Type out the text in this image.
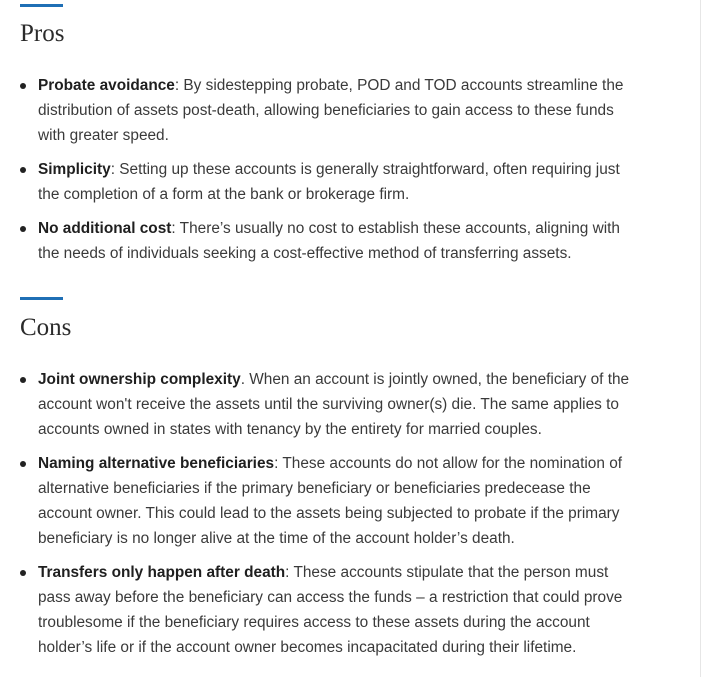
Pros
Probate avoidance: By sidestepping probate, POD and TOD accounts streamline the distribution of assets post-death, allowing beneficiaries to gain access to these funds with greater speed.
Simplicity: Setting up these accounts is generally straightforward, often requiring just the completion of a form at the bank or brokerage firm.
No additional cost: There’s usually no cost to establish these accounts, aligning with the needs of individuals seeking a cost-effective method of transferring assets.
Cons
Joint ownership complexity. When an account is jointly owned, the beneficiary of the account won't receive the assets until the surviving owner(s) die. The same applies to accounts owned in states with tenancy by the entirety for married couples.
Naming alternative beneficiaries: These accounts do not allow for the nomination of alternative beneficiaries if the primary beneficiary or beneficiaries predecease the account owner. This could lead to the assets being subjected to probate if the primary beneficiary is no longer alive at the time of the account holder’s death.
Transfers only happen after death: These accounts stipulate that the person must pass away before the beneficiary can access the funds – a restriction that could prove troublesome if the beneficiary requires access to these assets during the account holder’s life or if the account owner becomes incapacitated during their lifetime.
